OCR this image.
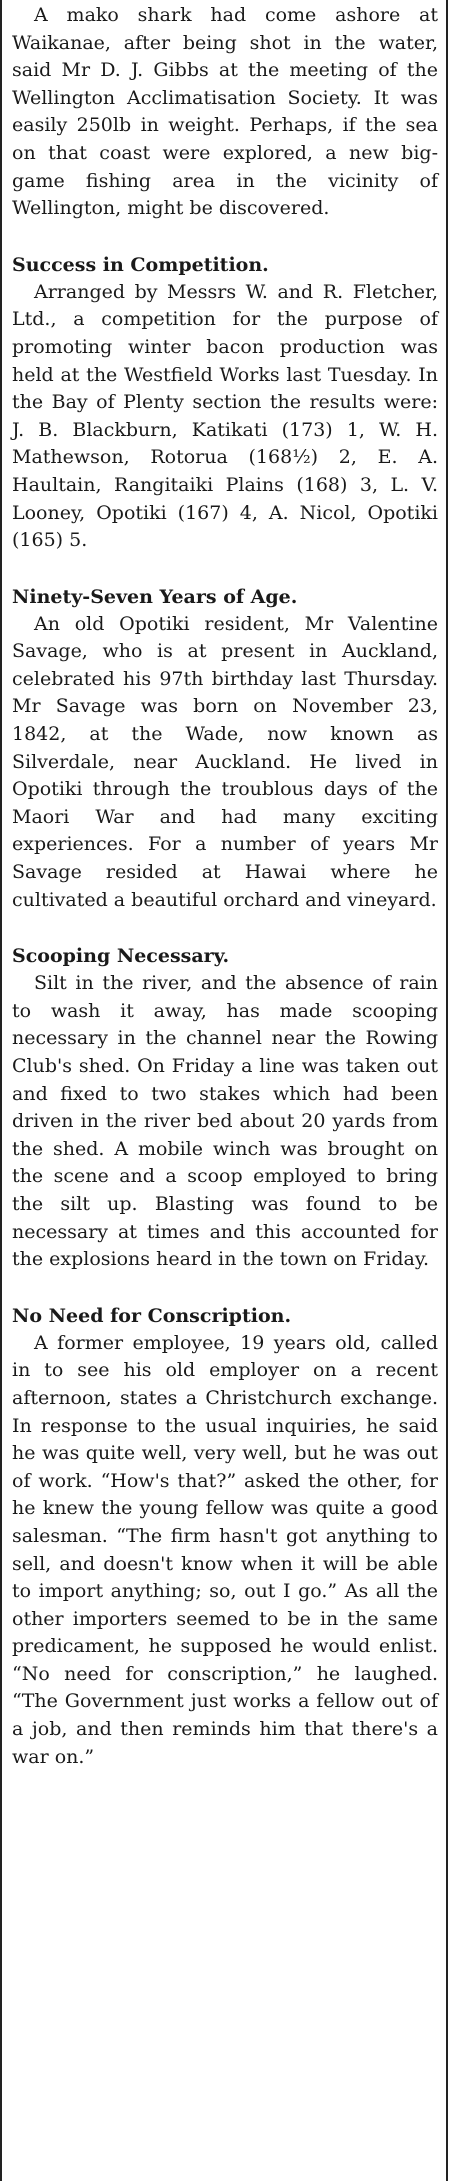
A mako shark had come ashore at Waikanae, after being shot in the water, said Mr D. J. Gibbs at the meeting of the Wellington Acclimatisation Society. It was easily 250lb in weight. Perhaps, if the sea on that coast were explored, a new big-game fishing area in the vicinity of Wellington, might be discovered.

Success in Competition.

Arranged by Messrs W. and R. Fletcher, Ltd., a competition for the purpose of promoting winter bacon production was held at the Westfield Works last Tuesday. In the Bay of Plenty section the results were: J. B. Blackburn, Katikati (173) 1, W. H. Mathewson, Rotorua (168½) 2, E. A. Haultain, Rangitaiki Plains (168) 3, L. V. Looney, Opotiki (167) 4, A. Nicol, Opotiki (165) 5.

Ninety-Seven Years of Age.

An old Opotiki resident, Mr Valentine Savage, who is at present in Auckland, celebrated his 97th birthday last Thursday. Mr Savage was born on November 23, 1842, at the Wade, now known as Silverdale, near Auckland. He lived in Opotiki through the troublous days of the Maori War and had many exciting experiences. For a number of years Mr Savage resided at Hawai where he cultivated a beautiful orchard and vineyard.

Scooping Necessary.

Silt in the river, and the absence of rain to wash it away, has made scooping necessary in the channel near the Rowing Club's shed. On Friday a line was taken out and fixed to two stakes which had been driven in the river bed about 20 yards from the shed. A mobile winch was brought on the scene and a scoop employed to bring the silt up. Blasting was found to be necessary at times and this accounted for the explosions heard in the town on Friday.

No Need for Conscription.

A former employee, 19 years old, called in to see his old employer on a recent afternoon, states a Christchurch exchange. In response to the usual inquiries, he said he was quite well, very well, but he was out of work. “How's that?” asked the other, for he knew the young fellow was quite a good salesman. “The firm hasn't got anything to sell, and doesn't know when it will be able to import anything; so, out I go.” As all the other importers seemed to be in the same predicament, he supposed he would enlist. “No need for conscription,” he laughed. “The Government just works a fellow out of a job, and then reminds him that there's a war on.”
